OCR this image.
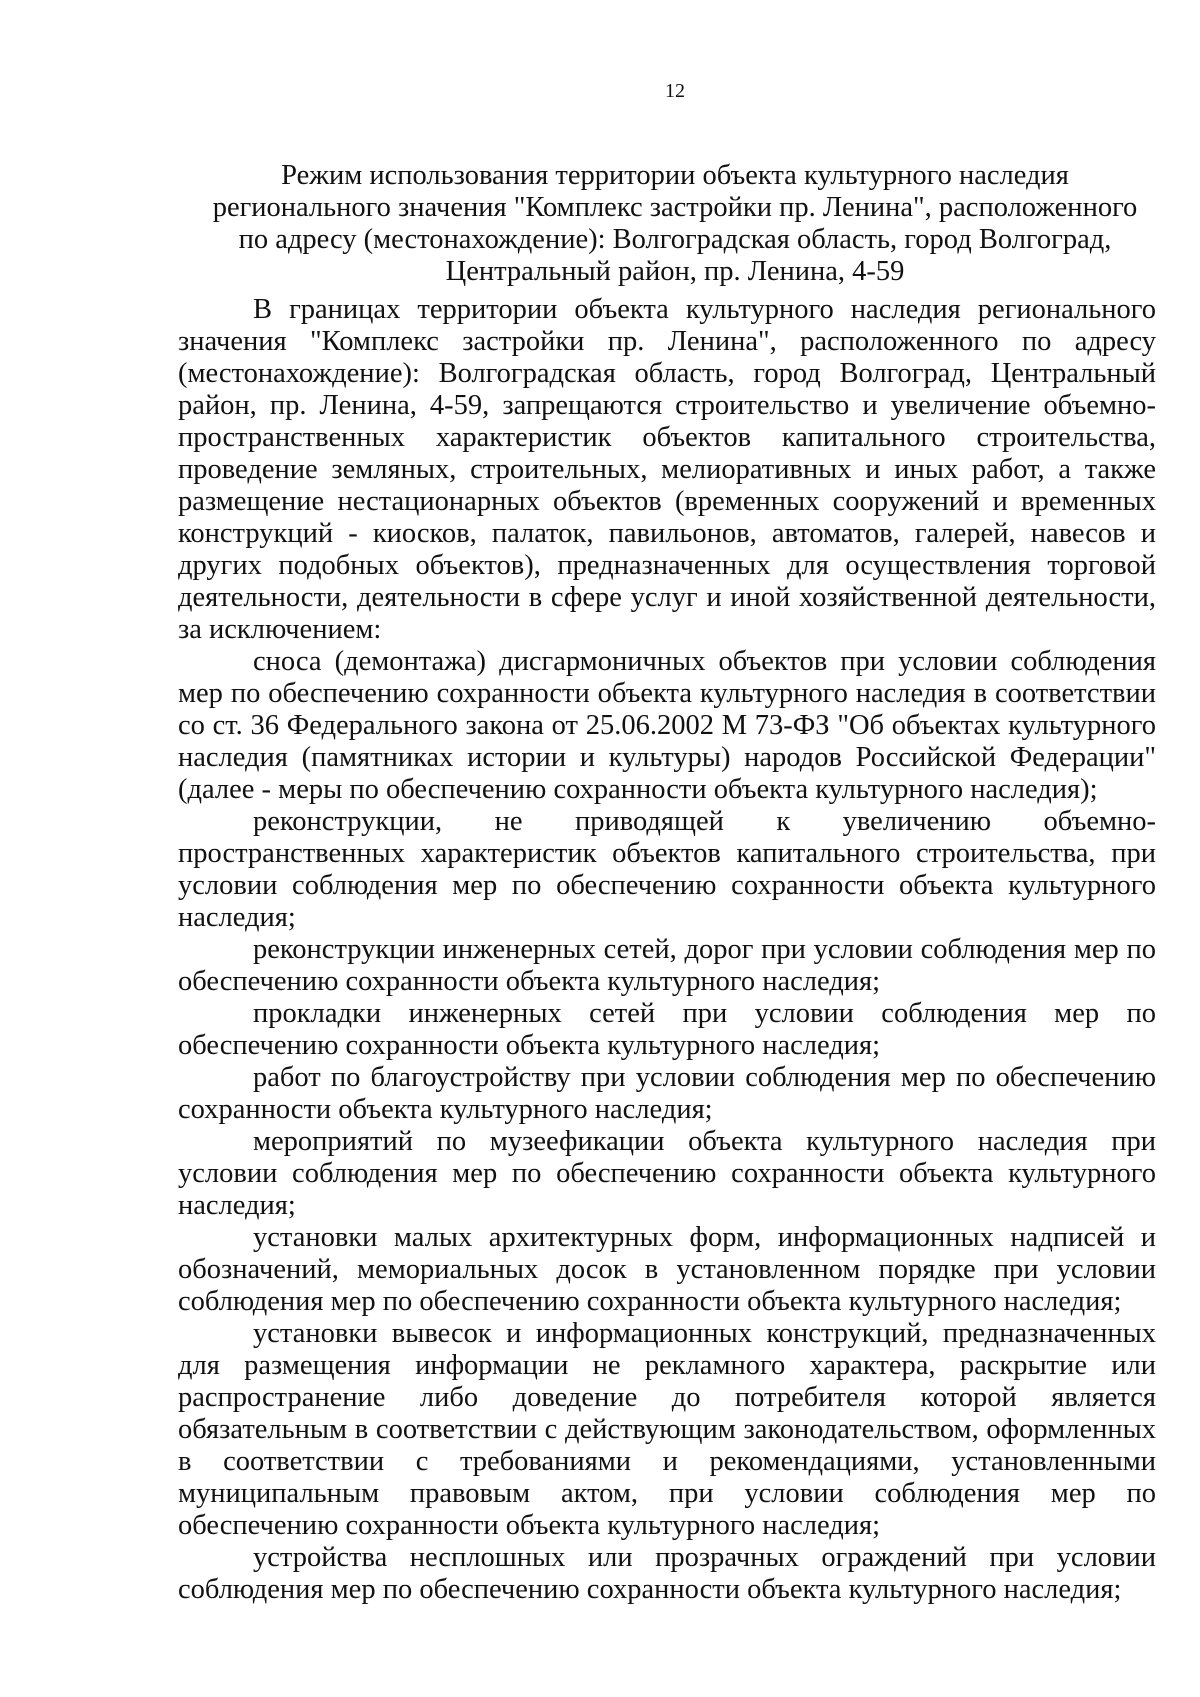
12
Режим использования территории объекта культурного наследия
регионального значения "Комплекс застройки пр. Ленина", расположенного
по адресу (местонахождение): Волгоградская область, город Волгоград,
Центральный район, пр. Ленина, 4-59

В границах территории объекта культурного наследия регионального значения "Комплекс застройки пр. Ленина", расположенного по адресу (местонахождение): Волгоградская область, город Волгоград, Центральный район, пр. Ленина, 4-59, запрещаются строительство и увеличение объемно-пространственных характеристик объектов капитального строительства, проведение земляных, строительных, мелиоративных и иных работ, а также размещение нестационарных объектов (временных сооружений и временных конструкций - киосков, палаток, павильонов, автоматов, галерей, навесов и других подобных объектов), предназначенных для осуществления торговой деятельности, деятельности в сфере услуг и иной хозяйственной деятельности, за исключением:

сноса (демонтажа) дисгармоничных объектов при условии соблюдения мер по обеспечению сохранности объекта культурного наследия в соответствии со ст. 36 Федерального закона от 25.06.2002 М 73-ФЗ "Об объектах культурного наследия (памятниках истории и культуры) народов Российской Федерации" (далее - меры по обеспечению сохранности объекта культурного наследия);

реконструкции, не приводящей к увеличению объемно-пространственных характеристик объектов капитального строительства, при условии соблюдения мер по обеспечению сохранности объекта культурного наследия;

реконструкции инженерных сетей, дорог при условии соблюдения мер по обеспечению сохранности объекта культурного наследия;

прокладки инженерных сетей при условии соблюдения мер по обеспечению сохранности объекта культурного наследия;

работ по благоустройству при условии соблюдения мер по обеспечению сохранности объекта культурного наследия;

мероприятий по музеефикации объекта культурного наследия при условии соблюдения мер по обеспечению сохранности объекта культурного наследия;

установки малых архитектурных форм, информационных надписей и обозначений, мемориальных досок в установленном порядке при условии соблюдения мер по обеспечению сохранности объекта культурного наследия;

установки вывесок и информационных конструкций, предназначенных для размещения информации не рекламного характера, раскрытие или распространение либо доведение до потребителя которой является обязательным в соответствии с действующим законодательством, оформленных в соответствии с требованиями и рекомендациями, установленными муниципальным правовым актом, при условии соблюдения мер по обеспечению сохранности объекта культурного наследия;

устройства несплошных или прозрачных ограждений при условии соблюдения мер по обеспечению сохранности объекта культурного наследия;
